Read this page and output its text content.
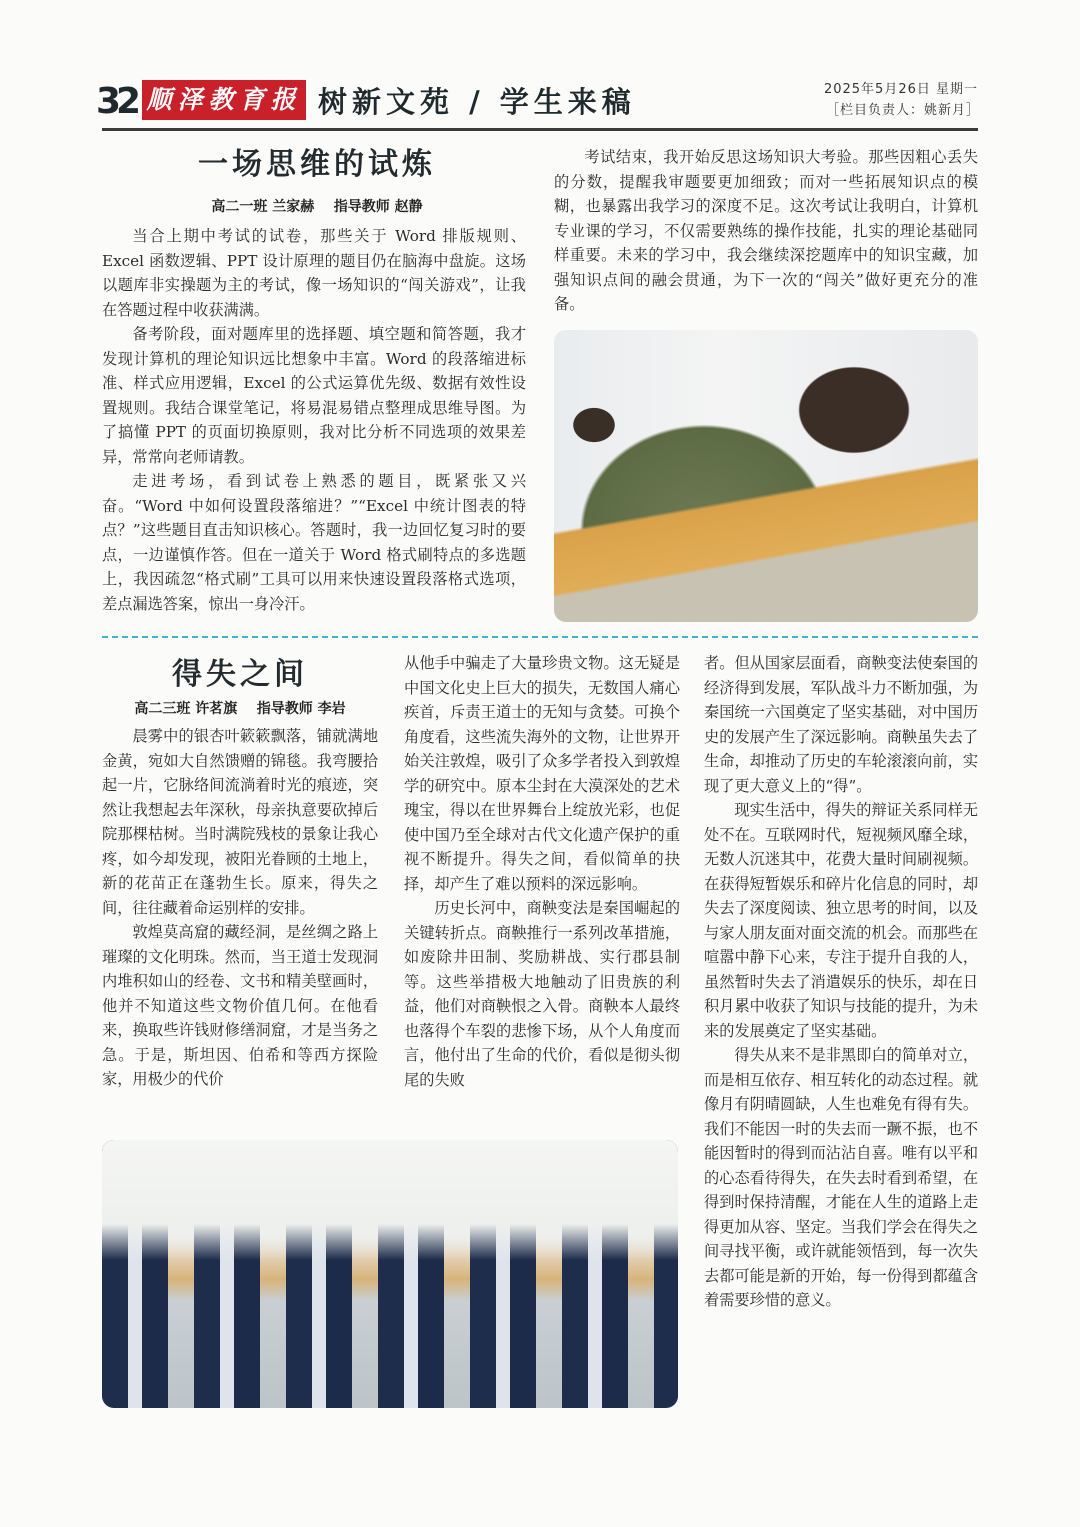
32 顺泽教育报 树新文苑 / 学生来稿	2025年5月26日 星期一
［栏目负责人：姚新月］
一场思维的试炼
高二一班 兰家赫    指导教师 赵静

当合上期中考试的试卷，那些关于 Word 排版规则、Excel 函数逻辑、PPT 设计原理的题目仍在脑海中盘旋。这场以题库非实操题为主的考试，像一场知识的“闯关游戏”，让我在答题过程中收获满满。

备考阶段，面对题库里的选择题、填空题和简答题，我才发现计算机的理论知识远比想象中丰富。Word 的段落缩进标准、样式应用逻辑，Excel 的公式运算优先级、数据有效性设置规则。我结合课堂笔记，将易混易错点整理成思维导图。为了搞懂 PPT 的页面切换原则，我对比分析不同选项的效果差异，常常向老师请教。

走进考场，看到试卷上熟悉的题目，既紧张又兴奋。“Word 中如何设置段落缩进？”“Excel 中统计图表的特点？”这些题目直击知识核心。答题时，我一边回忆复习时的要点，一边谨慎作答。但在一道关于 Word 格式刷特点的多选题上，我因疏忽“格式刷”工具可以用来快速设置段落格式选项，差点漏选答案，惊出一身冷汗。

考试结束，我开始反思这场知识大考验。那些因粗心丢失的分数，提醒我审题要更加细致；而对一些拓展知识点的模糊，也暴露出我学习的深度不足。这次考试让我明白，计算机专业课的学习，不仅需要熟练的操作技能，扎实的理论基础同样重要。未来的学习中，我会继续深挖题库中的知识宝藏，加强知识点间的融会贯通，为下一次的“闯关”做好更充分的准备。

得失之间
高二三班 许茗旗    指导教师 李岩

晨雾中的银杏叶簌簌飘落，铺就满地金黄，宛如大自然馈赠的锦毯。我弯腰拾起一片，它脉络间流淌着时光的痕迹，突然让我想起去年深秋，母亲执意要砍掉后院那棵枯树。当时满院残枝的景象让我心疼，如今却发现，被阳光眷顾的土地上，新的花苗正在蓬勃生长。原来，得失之间，往往藏着命运别样的安排。

敦煌莫高窟的藏经洞，是丝绸之路上璀璨的文化明珠。然而，当王道士发现洞内堆积如山的经卷、文书和精美壁画时，他并不知道这些文物价值几何。在他看来，换取些许钱财修缮洞窟，才是当务之急。于是，斯坦因、伯希和等西方探险家，用极少的代价

从他手中骗走了大量珍贵文物。这无疑是中国文化史上巨大的损失，无数国人痛心疾首，斥责王道士的无知与贪婪。可换个角度看，这些流失海外的文物，让世界开始关注敦煌，吸引了众多学者投入到敦煌学的研究中。原本尘封在大漠深处的艺术瑰宝，得以在世界舞台上绽放光彩，也促使中国乃至全球对古代文化遗产保护的重视不断提升。得失之间，看似简单的抉择，却产生了难以预料的深远影响。

历史长河中，商鞅变法是秦国崛起的关键转折点。商鞅推行一系列改革措施，如废除井田制、奖励耕战、实行郡县制等。这些举措极大地触动了旧贵族的利益，他们对商鞅恨之入骨。商鞅本人最终也落得个车裂的悲惨下场，从个人角度而言，他付出了生命的代价，看似是彻头彻尾的失败

者。但从国家层面看，商鞅变法使秦国的经济得到发展，军队战斗力不断加强，为秦国统一六国奠定了坚实基础，对中国历史的发展产生了深远影响。商鞅虽失去了生命，却推动了历史的车轮滚滚向前，实现了更大意义上的“得”。

现实生活中，得失的辩证关系同样无处不在。互联网时代，短视频风靡全球，无数人沉迷其中，花费大量时间刷视频。在获得短暂娱乐和碎片化信息的同时，却失去了深度阅读、独立思考的时间，以及与家人朋友面对面交流的机会。而那些在喧嚣中静下心来，专注于提升自我的人，虽然暂时失去了消遣娱乐的快乐，却在日积月累中收获了知识与技能的提升，为未来的发展奠定了坚实基础。

得失从来不是非黑即白的简单对立，而是相互依存、相互转化的动态过程。就像月有阴晴圆缺，人生也难免有得有失。我们不能因一时的失去而一蹶不振，也不能因暂时的得到而沾沾自喜。唯有以平和的心态看待得失，在失去时看到希望，在得到时保持清醒，才能在人生的道路上走得更加从容、坚定。当我们学会在得失之间寻找平衡，或许就能领悟到，每一次失去都可能是新的开始，每一份得到都蕴含着需要珍惜的意义。
